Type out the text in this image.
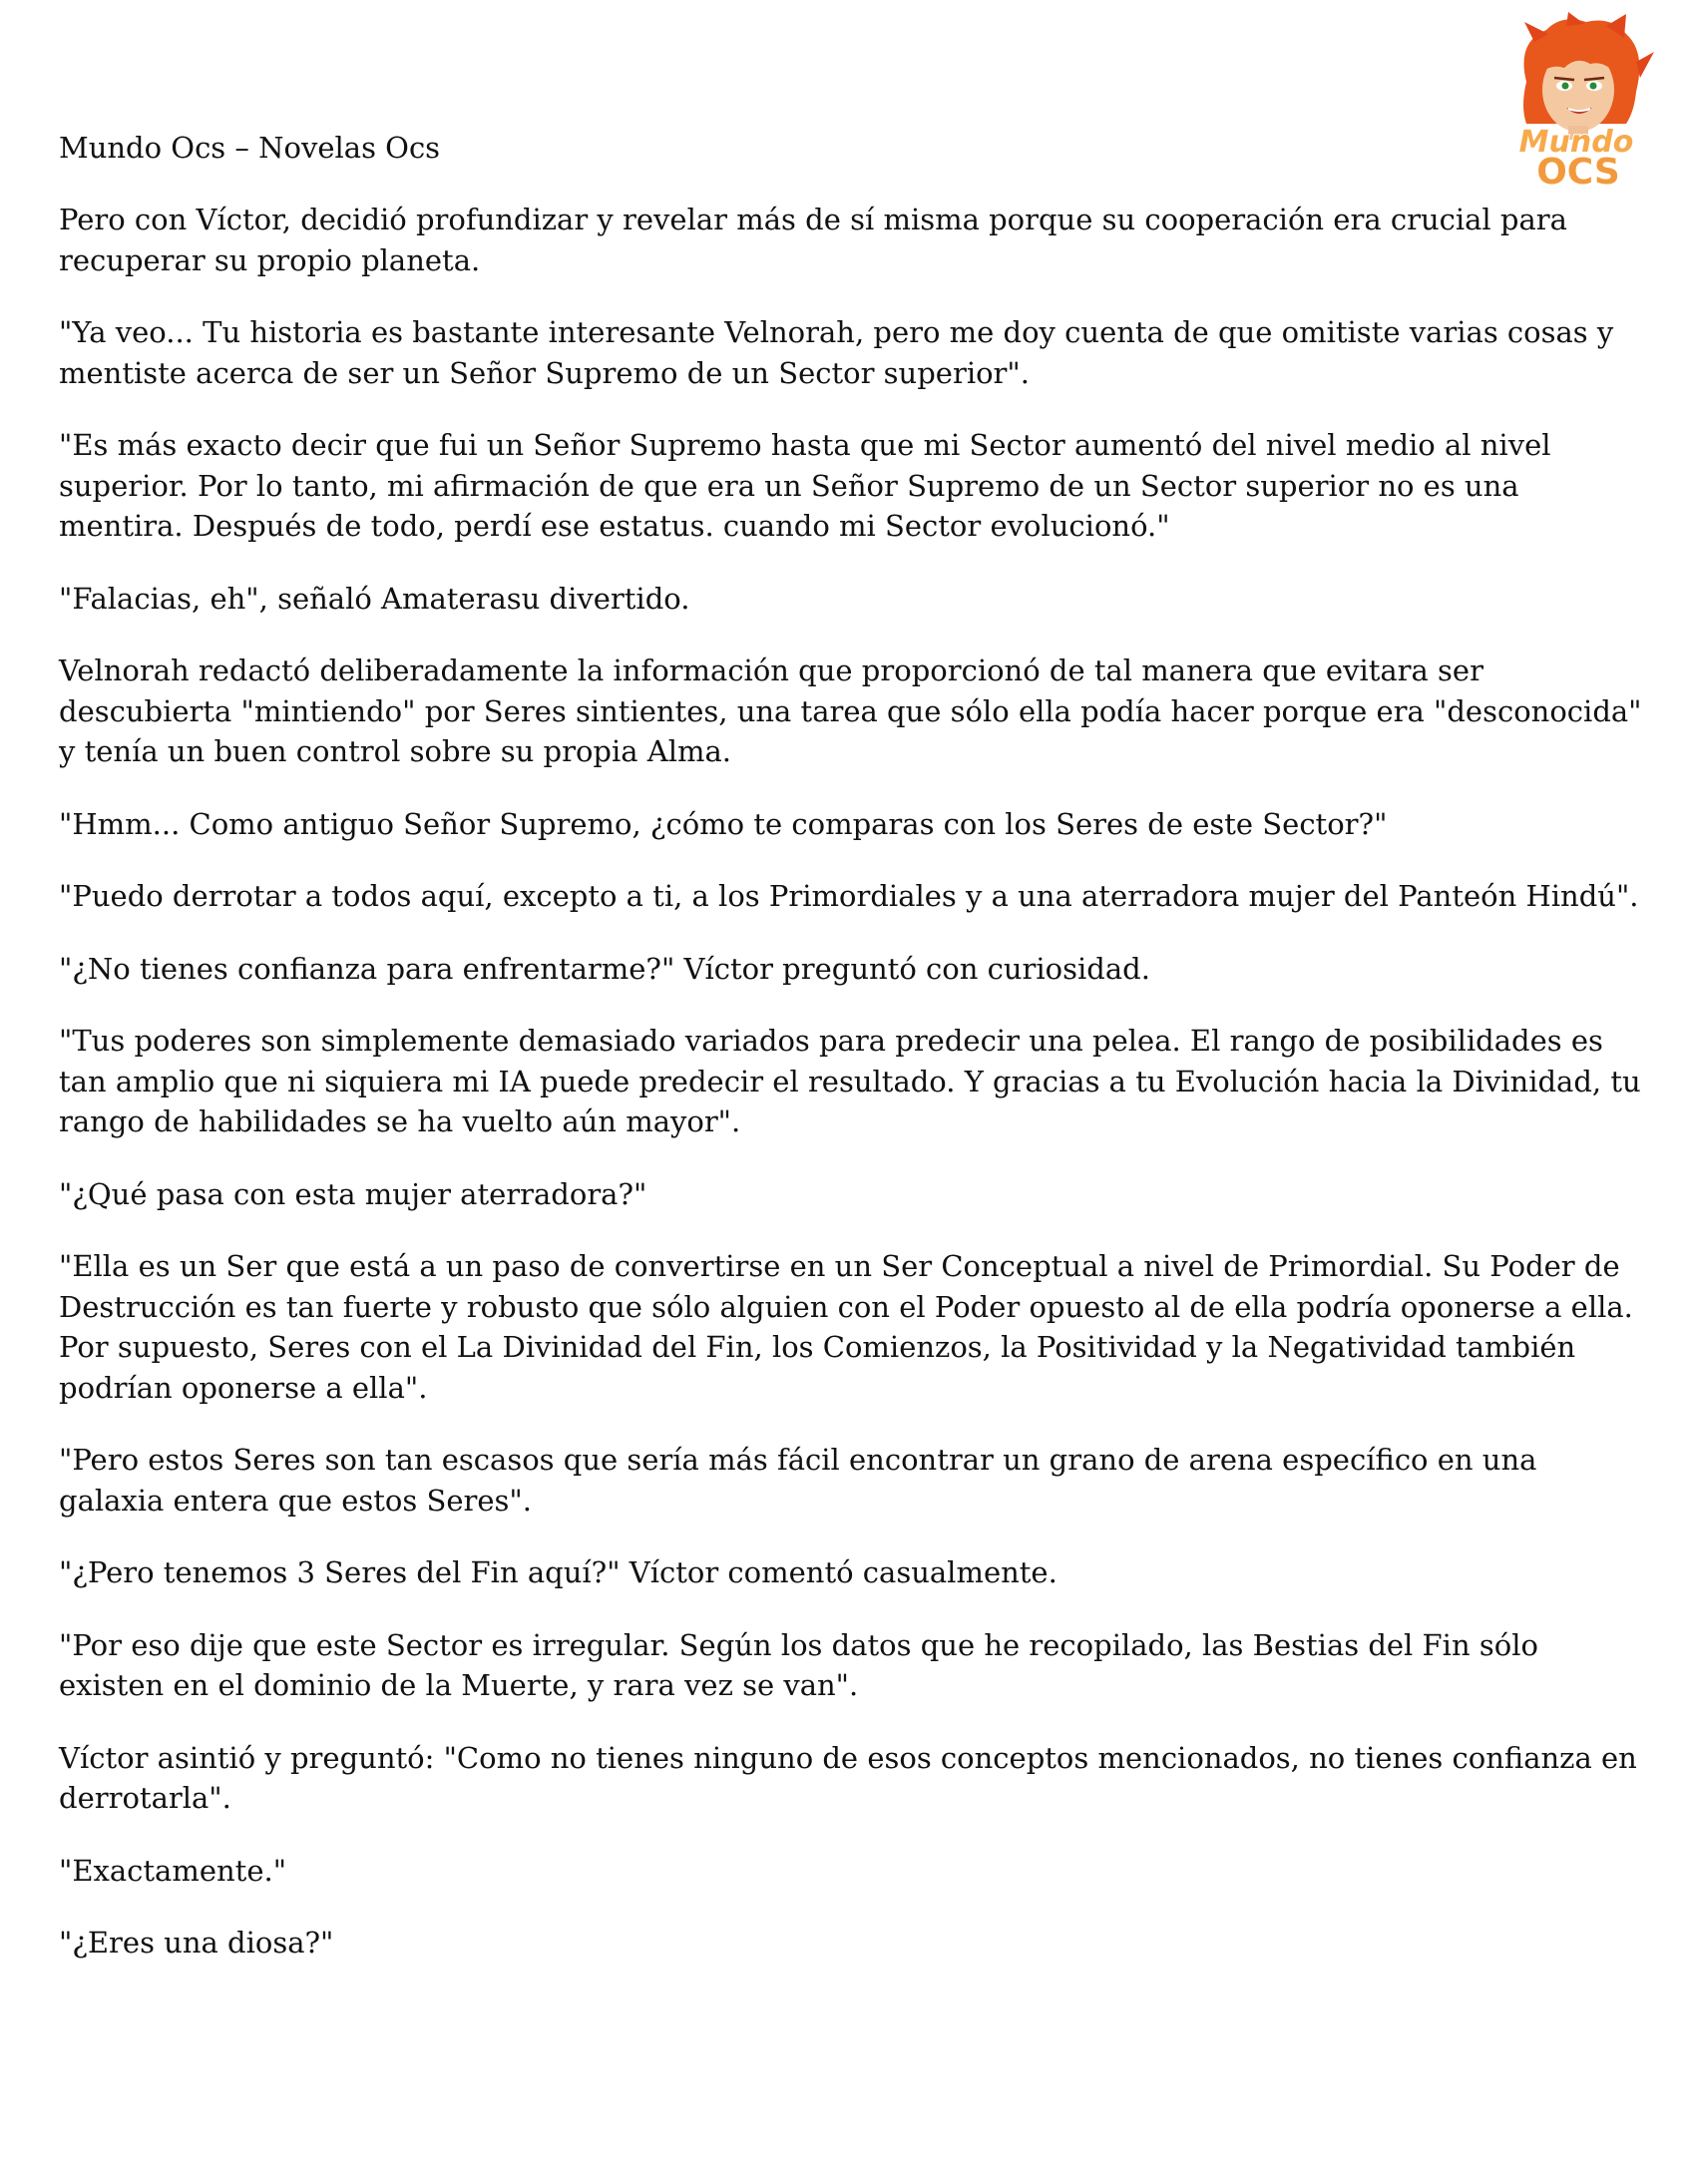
Mundo
OCS
Mundo Ocs – Novelas Ocs

Pero con Víctor, decidió profundizar y revelar más de sí misma porque su cooperación era crucial para recuperar su propio planeta.

"Ya veo... Tu historia es bastante interesante Velnorah, pero me doy cuenta de que omitiste varias cosas y mentiste acerca de ser un Señor Supremo de un Sector superior".

"Es más exacto decir que fui un Señor Supremo hasta que mi Sector aumentó del nivel medio al nivel superior. Por lo tanto, mi afirmación de que era un Señor Supremo de un Sector superior no es una mentira. Después de todo, perdí ese estatus. cuando mi Sector evolucionó."

"Falacias, eh", señaló Amaterasu divertido.

Velnorah redactó deliberadamente la información que proporcionó de tal manera que evitara ser descubierta "mintiendo" por Seres sintientes, una tarea que sólo ella podía hacer porque era "desconocida" y tenía un buen control sobre su propia Alma.

"Hmm... Como antiguo Señor Supremo, ¿cómo te comparas con los Seres de este Sector?"

"Puedo derrotar a todos aquí, excepto a ti, a los Primordiales y a una aterradora mujer del Panteón Hindú".

"¿No tienes confianza para enfrentarme?" Víctor preguntó con curiosidad.

"Tus poderes son simplemente demasiado variados para predecir una pelea. El rango de posibilidades es tan amplio que ni siquiera mi IA puede predecir el resultado. Y gracias a tu Evolución hacia la Divinidad, tu rango de habilidades se ha vuelto aún mayor".

"¿Qué pasa con esta mujer aterradora?"

"Ella es un Ser que está a un paso de convertirse en un Ser Conceptual a nivel de Primordial. Su Poder de Destrucción es tan fuerte y robusto que sólo alguien con el Poder opuesto al de ella podría oponerse a ella. Por supuesto, Seres con el La Divinidad del Fin, los Comienzos, la Positividad y la Negatividad también podrían oponerse a ella".

"Pero estos Seres son tan escasos que sería más fácil encontrar un grano de arena específico en una galaxia entera que estos Seres".

"¿Pero tenemos 3 Seres del Fin aquí?" Víctor comentó casualmente.

"Por eso dije que este Sector es irregular. Según los datos que he recopilado, las Bestias del Fin sólo existen en el dominio de la Muerte, y rara vez se van".

Víctor asintió y preguntó: "Como no tienes ninguno de esos conceptos mencionados, no tienes confianza en derrotarla".

"Exactamente."

"¿Eres una diosa?"
